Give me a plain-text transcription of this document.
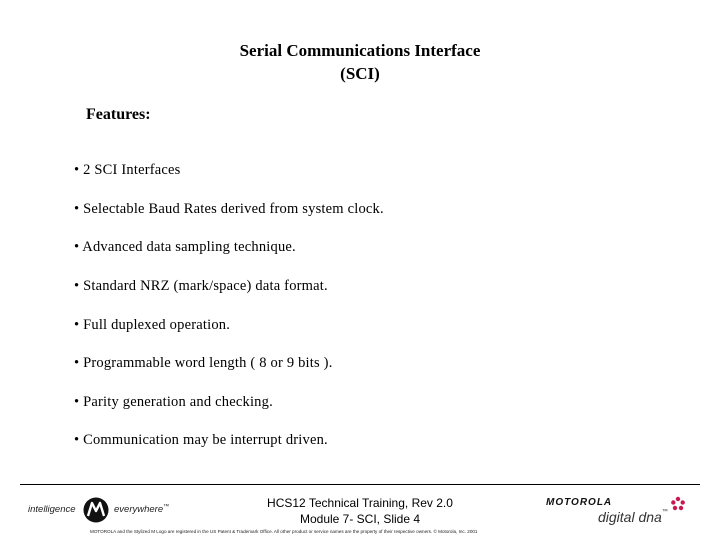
Serial Communications Interface
(SCI)
Features:
• 2 SCI Interfaces
• Selectable Baud Rates derived from system clock.
• Advanced data sampling technique.
• Standard NRZ (mark/space) data format.
• Full duplexed operation.
• Programmable word length ( 8 or 9 bits ).
• Parity generation and checking.
• Communication may be interrupt driven.
intelligence	everywhere™	HCS12 Technical Training, Rev 2.0
Module 7- SCI, Slide 4
MOTOROLA
digital dna™
MOTOROLA and the Stylized M Logo are registered in the US Patent & Trademark Office. All other product or service names are the property of their respective owners. © Motorola, Inc. 2001
